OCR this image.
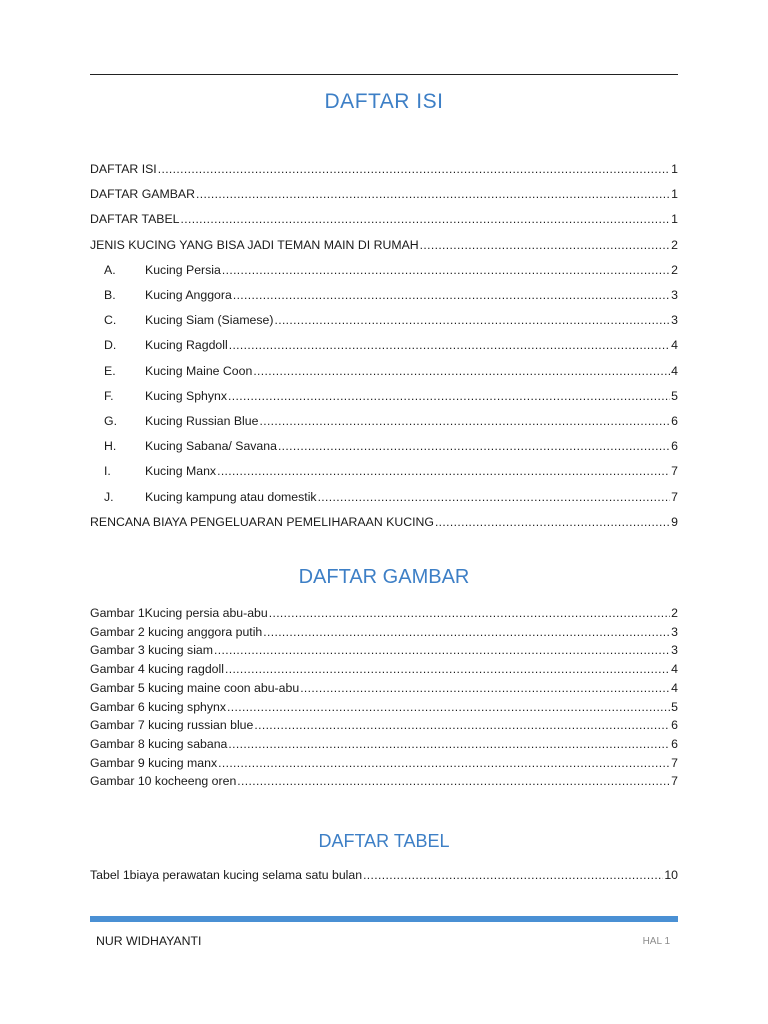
DAFTAR ISI
DAFTAR ISI .....	1
DAFTAR GAMBAR .....	1
DAFTAR TABEL .....	1
JENIS KUCING YANG BISA JADI TEMAN MAIN DI RUMAH .....	2
A.	Kucing Persia .....	2
B.	Kucing Anggora .....	3
C.	Kucing Siam (Siamese) .....	3
D.	Kucing Ragdoll .....	4
E.	Kucing Maine Coon .....	4
F.	Kucing Sphynx .....	5
G.	Kucing Russian Blue .....	6
H.	Kucing Sabana/ Savana .....	6
I.	Kucing Manx .....	7
J.	Kucing kampung atau domestik .....	7
RENCANA BIAYA PENGELUARAN PEMELIHARAAN KUCING .....	9
DAFTAR GAMBAR
Gambar 1Kucing persia abu-abu .....	2
Gambar 2 kucing anggora putih .....	3
Gambar 3 kucing siam .....	3
Gambar 4 kucing ragdoll .....	4
Gambar 5 kucing maine coon abu-abu .....	4
Gambar 6 kucing sphynx .....	5
Gambar 7 kucing russian blue .....	6
Gambar 8 kucing sabana .....	6
Gambar 9 kucing manx .....	7
Gambar 10 kocheeng oren .....	7
DAFTAR TABEL
Tabel 1biaya perawatan kucing selama satu bulan .....	10
NUR WIDHAYANTI	HAL 1
